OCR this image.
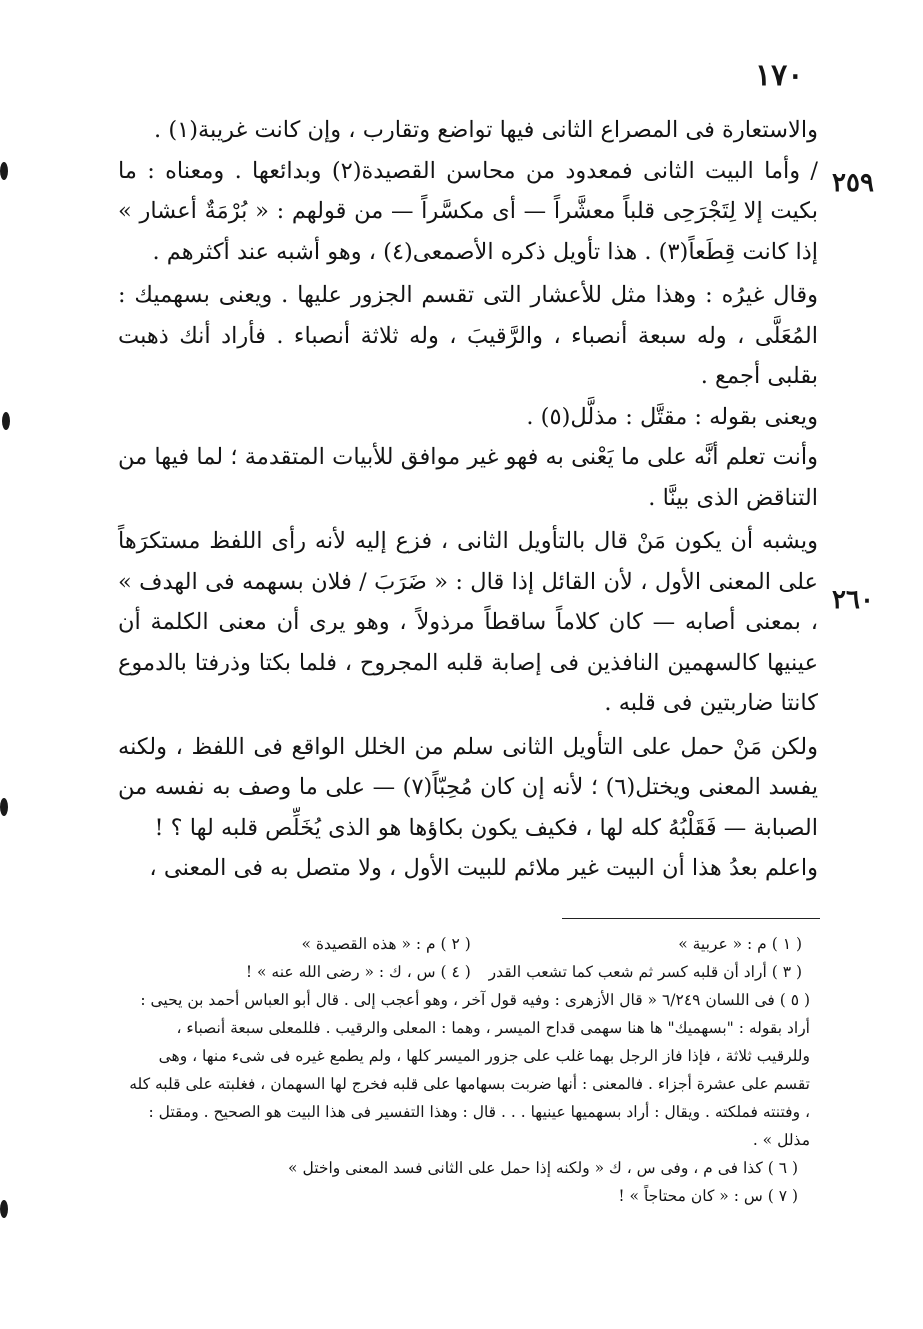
١٧٠
٢٥٩
٢٦٠

والاستعارة فى المصراع الثانى فيها تواضع وتقارب ، وإن كانت غريبة(١) .

/ وأما البيت الثانى فمعدود من محاسن القصيدة(٢) وبدائعها . ومعناه : ما بكيت إلا لِتَجْرَحِى قلباً معشَّراً — أى مكسَّراً — من قولهم : « بُرْمَةٌ أعشار » إذا كانت قِطَعاً(٣) . هذا تأويل ذكره الأصمعى(٤) ، وهو أشبه عند أكثرهم .

وقال غيرُه : وهذا مثل للأعشار التى تقسم الجزور عليها . ويعنى بسهميك : المُعَلَّى ، وله سبعة أنصباء ، والرَّقيبَ ، وله ثلاثة أنصباء . فأراد أنك ذهبت بقلبى أجمع .

ويعنى بقوله : مقتَّل : مذلَّل(٥) .

وأنت تعلم أنَّه على ما يَعْنى به فهو غير موافق للأبيات المتقدمة ؛ لما فيها من التناقض الذى بينَّا .

ويشبه أن يكون مَنْ قال بالتأويل الثانى ، فزع إليه لأنه رأى اللفظ مستكرَهاً على المعنى الأول ، لأن القائل إذا قال : « ضَرَبَ / فلان بسهمه فى الهدف » ، بمعنى أصابه — كان كلاماً ساقطاً مرذولاً ، وهو يرى أن معنى الكلمة أن عينيها كالسهمين النافذين فى إصابة قلبه المجروح ، فلما بكتا وذرفتا بالدموع كانتا ضاربتين فى قلبه .

ولكن مَنْ حمل على التأويل الثانى سلم من الخلل الواقع فى اللفظ ، ولكنه يفسد المعنى ويختل(٦) ؛ لأنه إن كان مُحِبّاً(٧) — على ما وصف به نفسه من الصبابة — فَقَلْبُهُ كله لها ، فكيف يكون بكاؤها هو الذى يُخَلِّص قلبه لها ؟ !

واعلم بعدُ هذا أن البيت غير ملائم للبيت الأول ، ولا متصل به فى المعنى ،

( ١ ) م : « عربية »( ٢ ) م : « هذه القصيدة »
( ٣ ) أراد أن قلبه كسر ثم شعب كما تشعب القدر( ٤ ) س ، ك : « رضى الله عنه » !

( ٥ ) فى اللسان ٦/٢٤٩ « قال الأزهرى : وفيه قول آخر ، وهو أعجب إلى . قال أبو العباس أحمد بن يحيى : أراد بقوله : "بسهميك" ها هنا سهمى قداح الميسر ، وهما : المعلى والرقيب . فللمعلى سبعة أنصباء ، وللرقيب ثلاثة ، فإذا فاز الرجل بهما غلب على جزور الميسر كلها ، ولم يطمع غيره فى شىء منها ، وهى تقسم على عشرة أجزاء . فالمعنى : أنها ضربت بسهامها على قلبه فخرج لها السهمان ، فغلبته على قلبه كله ، وفتنته فملكته . ويقال : أراد بسهميها عينيها . . . قال : وهذا التفسير فى هذا البيت هو الصحيح . ومقتل : مذلل » .

( ٦ ) كذا فى م ، وفى س ، ك « ولكنه إذا حمل على الثانى فسد المعنى واختل »

( ٧ ) س : « كان محتاجاً » !
